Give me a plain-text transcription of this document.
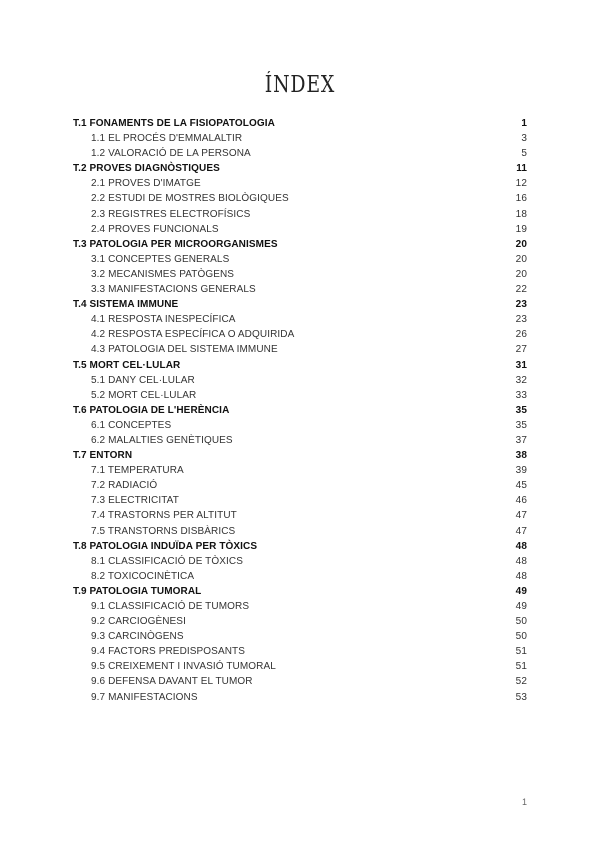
ÍNDEX
T.1 FONAMENTS DE LA FISIOPATOLOGIA	1
1.1 EL PROCÉS D'EMMALALTIR	3
1.2 VALORACIÓ DE LA PERSONA	5
T.2 PROVES DIAGNÒSTIQUES	11
2.1 PROVES D'IMATGE	12
2.2 ESTUDI DE MOSTRES BIOLÒGIQUES	16
2.3 REGISTRES ELECTROFÍSICS	18
2.4 PROVES FUNCIONALS	19
T.3 PATOLOGIA PER MICROORGANISMES	20
3.1 CONCEPTES GENERALS	20
3.2 MECANISMES PATÒGENS	20
3.3 MANIFESTACIONS GENERALS	22
T.4 SISTEMA IMMUNE	23
4.1 RESPOSTA INESPECÍFICA	23
4.2 RESPOSTA ESPECÍFICA O ADQUIRIDA	26
4.3 PATOLOGIA DEL SISTEMA IMMUNE	27
T.5 MORT CEL·LULAR	31
5.1 DANY CEL·LULAR	32
5.2 MORT CEL·LULAR	33
T.6 PATOLOGIA DE L'HERÈNCIA	35
6.1 CONCEPTES	35
6.2 MALALTIES GENÈTIQUES	37
T.7 ENTORN	38
7.1 TEMPERATURA	39
7.2 RADIACIÓ	45
7.3 ELECTRICITAT	46
7.4 TRASTORNS PER ALTITUT	47
7.5 TRANSTORNS DISBÀRICS	47
T.8 PATOLOGIA INDUÏDA PER TÒXICS	48
8.1 CLASSIFICACIÓ DE TÒXICS	48
8.2 TOXICOCINÈTICA	48
T.9 PATOLOGIA TUMORAL	49
9.1 CLASSIFICACIÓ DE TUMORS	49
9.2 CARCIOGÈNESI	50
9.3 CARCINÒGENS	50
9.4 FACTORS PREDISPOSANTS	51
9.5 CREIXEMENT I INVASIÓ TUMORAL	51
9.6 DEFENSA DAVANT EL TUMOR	52
9.7 MANIFESTACIONS	53
1
